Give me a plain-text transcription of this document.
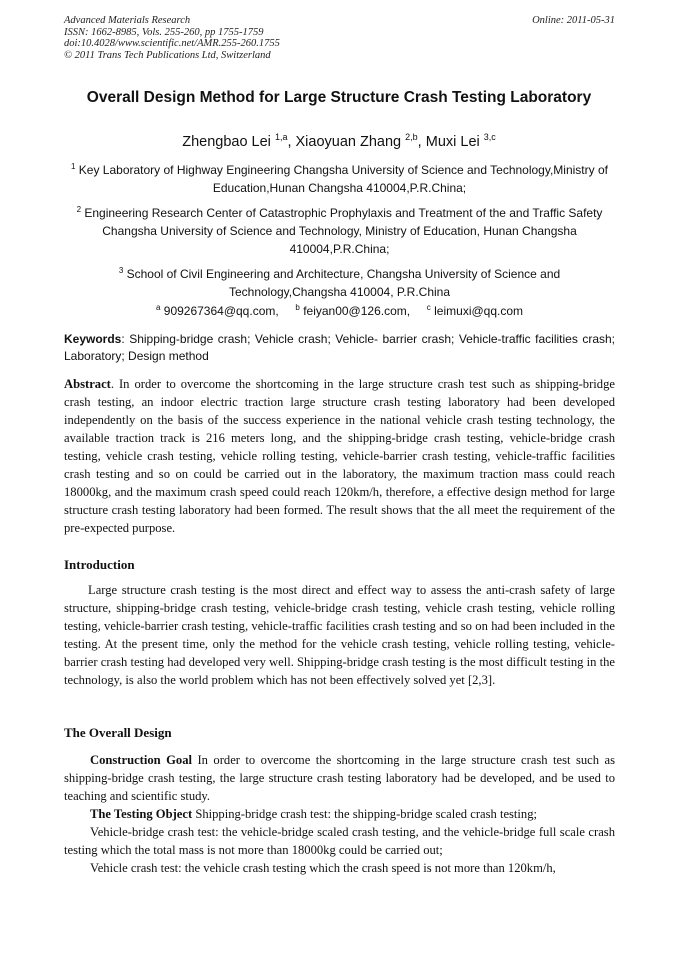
Advanced Materials Research
ISSN: 1662-8985, Vols. 255-260, pp 1755-1759
doi:10.4028/www.scientific.net/AMR.255-260.1755
© 2011 Trans Tech Publications Ltd, Switzerland
Online: 2011-05-31
Overall Design Method for Large Structure Crash Testing Laboratory
Zhengbao Lei $^{1,a}$, Xiaoyuan Zhang $^{2,b}$, Muxi Lei $^{3,c}$
$^1$ Key Laboratory of Highway Engineering Changsha University of Science and Technology,Ministry of Education,Hunan Changsha 410004,P.R.China;
$^2$ Engineering Research Center of Catastrophic Prophylaxis and Treatment of the and Traffic Safety Changsha University of Science and Technology, Ministry of Education, Hunan Changsha 410004,P.R.China;
$^3$ School of Civil Engineering and Architecture, Changsha University of Science and Technology,Changsha 410004, P.R.China
$^a$ 909267364@qq.com, $^b$ feiyan00@126.com, $^c$ leimuxi@qq.com
Keywords: Shipping-bridge crash; Vehicle crash; Vehicle- barrier crash; Vehicle-traffic facilities crash; Laboratory; Design method

Abstract. In order to overcome the shortcoming in the large structure crash test such as shipping-bridge crash testing, an indoor electric traction large structure crash testing laboratory had been developed independently on the basis of the success experience in the national vehicle crash testing technology, the available traction track is 216 meters long, and the shipping-bridge crash testing, vehicle-bridge crash testing, vehicle crash testing, vehicle rolling testing, vehicle-barrier crash testing, vehicle-traffic facilities crash testing and so on could be carried out in the laboratory, the maximum traction mass could reach 18000kg, and the maximum crash speed could reach 120km/h, therefore, a effective design method for large structure crash testing laboratory had been formed. The result shows that the all meet the requirement of the pre-expected purpose.

Introduction

Large structure crash testing is the most direct and effect way to assess the anti-crash safety of large structure, shipping-bridge crash testing, vehicle-bridge crash testing, vehicle crash testing, vehicle rolling testing, vehicle-barrier crash testing, vehicle-traffic facilities crash testing and so on had been included in the testing. At the present time, only the method for the vehicle crash testing, vehicle rolling testing, vehicle-barrier crash testing had developed very well. Shipping-bridge crash testing is the most difficult testing in the technology, is also the world problem which has not been effectively solved yet [2,3].

The Overall Design

Construction Goal In order to overcome the shortcoming in the large structure crash test such as shipping-bridge crash testing, the large structure crash testing laboratory had be developed, and be used to teaching and scientific study.

The Testing Object Shipping-bridge crash test: the shipping-bridge scaled crash testing;

Vehicle-bridge crash test: the vehicle-bridge scaled crash testing, and the vehicle-bridge full scale crash testing which the total mass is not more than 18000kg could be carried out;

Vehicle crash test: the vehicle crash testing which the crash speed is not more than 120km/h,
